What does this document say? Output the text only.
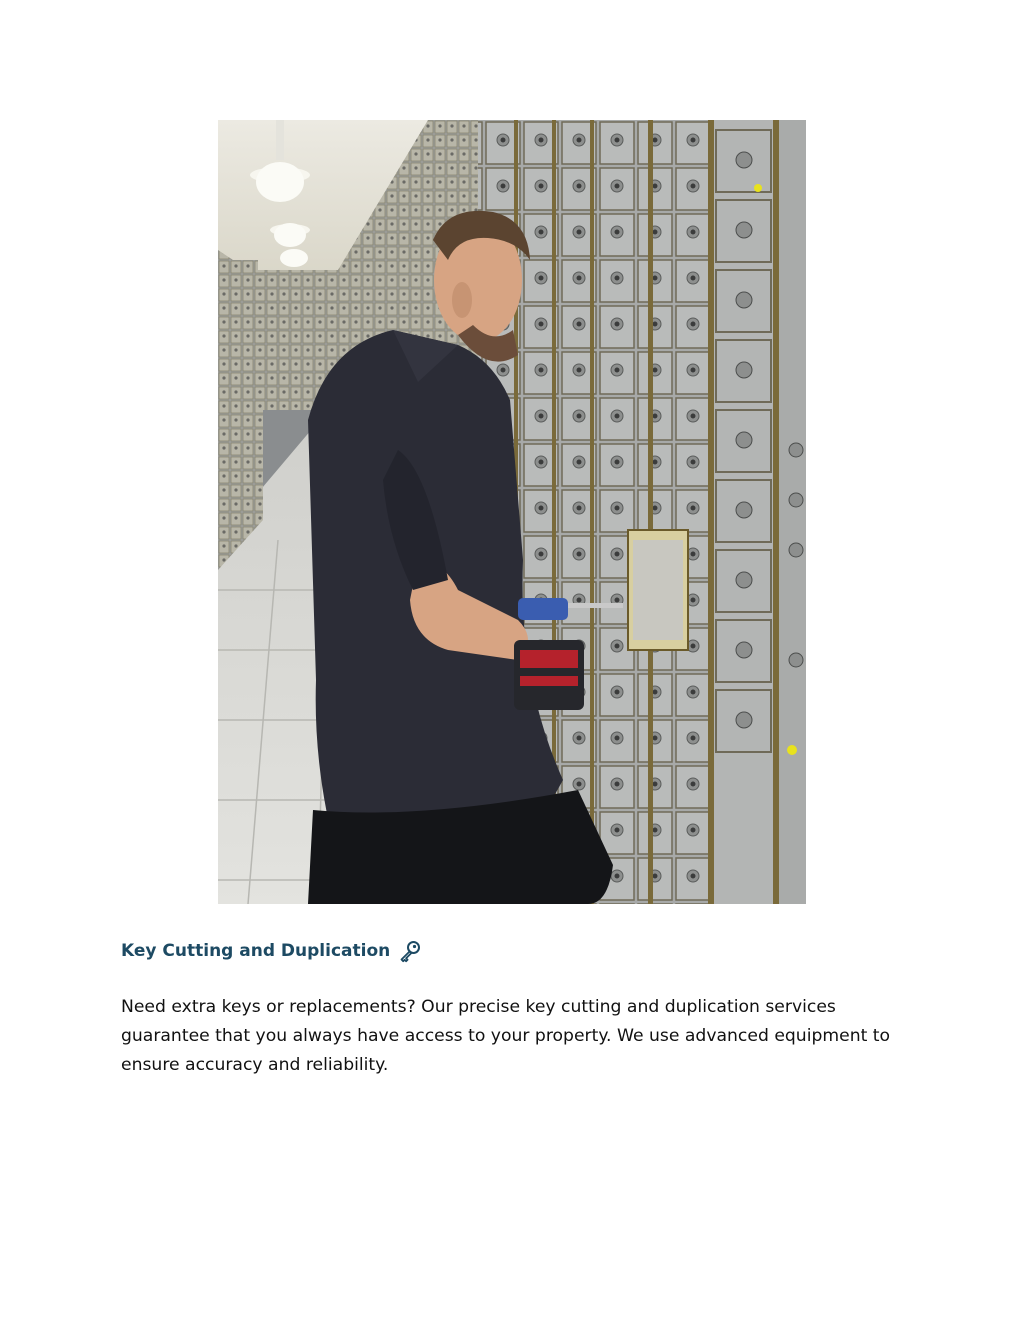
Key Cutting and Duplication

Need extra keys or replacements? Our precise key cutting and duplication services guarantee that you always have access to your property. We use advanced equipment to ensure accuracy and reliability.
